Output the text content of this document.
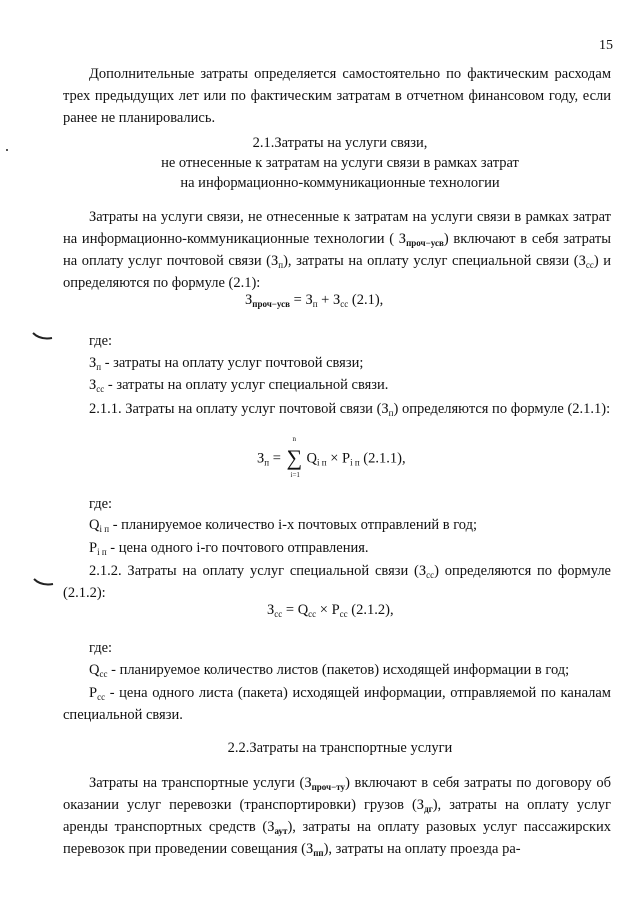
15

Дополнительные затраты определяется самостоятельно по фактическим расходам трех предыдущих лет или по фактическим затратам в отчетном финансовом году, если ранее не планировались.

2.1.Затраты на услуги связи,

не отнесенные к затратам на услуги связи в рамках затрат

на информационно-коммуникационные технологии

Затраты на услуги связи, не отнесенные к затратам на услуги связи в рамках затрат на информационно-коммуникационные технологии ( $З_{проч-усв}$) включают в себя затраты на оплату услуг почтовой связи $(З_п)$, затраты на оплату услуг специальной связи $(З_{сс})$ и определяются по формуле (2.1):

$З_{проч-усв} = З_п + З_{сс}$ (2.1),

где:

$З_п$ - затраты на оплату услуг почтовой связи;

$З_{сс}$ - затраты на оплату услуг специальной связи.

2.1.1. Затраты на оплату услуг почтовой связи $(З_п)$ определяются по формуле (2.1.1):

$З_п$ =
n
∑
i=1
$Q_{i п} \times P_{i п}$ (2.1.1),

где:

$Q_{i п}$ - планируемое количество i-х почтовых отправлений в год;

$P_{i п}$ - цена одного i-го почтового отправления.

2.1.2. Затраты на оплату услуг специальной связи $(З_{сс})$ определяются по формуле (2.1.2):

$З_{сс} = Q_{сс} \times P_{сс}$ (2.1.2),

где:

$Q_{сс}$ - планируемое количество листов (пакетов) исходящей информации в год;

$P_{сс}$ - цена одного листа (пакета) исходящей информации, отправляемой по каналам специальной связи.

2.2.Затраты на транспортные услуги

Затраты на транспортные услуги $(З_{проч-ту})$ включают в себя затраты по договору об оказании услуг перевозки (транспортировки) грузов $(З_{дг})$, затраты на оплату услуг аренды транспортных средств $(З_{аут})$, затраты на оплату разовых услуг пассажирских перевозок при проведении совещания $(З_{пп})$, затраты на оплату проезда ра-
